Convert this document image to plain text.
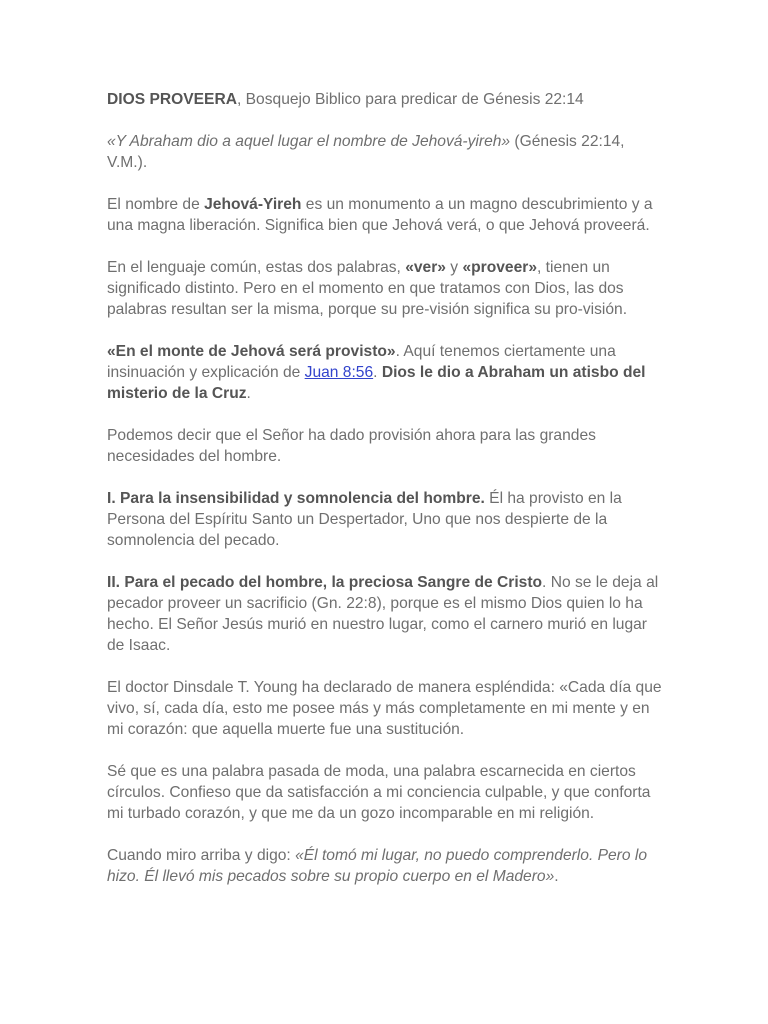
DIOS PROVEERA, Bosquejo Biblico para predicar de Génesis 22:14

«Y Abraham dio a aquel lugar el nombre de Jehová-yireh» (Génesis 22:14, V.M.).

El nombre de Jehová-Yireh es un monumento a un magno descubrimiento y a una magna liberación. Significa bien que Jehová verá, o que Jehová proveerá.

En el lenguaje común, estas dos palabras, «ver» y «proveer», tienen un significado distinto. Pero en el momento en que tratamos con Dios, las dos palabras resultan ser la misma, porque su pre-visión significa su pro-visión.

«En el monte de Jehová será provisto». Aquí tenemos ciertamente una insinuación y explicación de Juan 8:56. Dios le dio a Abraham un atisbo del misterio de la Cruz.

Podemos decir que el Señor ha dado provisión ahora para las grandes necesidades del hombre.

I. Para la insensibilidad y somnolencia del hombre. Él ha provisto en la Persona del Espíritu Santo un Despertador, Uno que nos despierte de la somnolencia del pecado.

II. Para el pecado del hombre, la preciosa Sangre de Cristo. No se le deja al pecador proveer un sacrificio (Gn. 22:8), porque es el mismo Dios quien lo ha hecho. El Señor Jesús murió en nuestro lugar, como el carnero murió en lugar de Isaac.

El doctor Dinsdale T. Young ha declarado de manera espléndida: «Cada día que vivo, sí, cada día, esto me posee más y más completamente en mi mente y en mi corazón: que aquella muerte fue una sustitución.

Sé que es una palabra pasada de moda, una palabra escarnecida en ciertos círculos. Confieso que da satisfacción a mi conciencia culpable, y que conforta mi turbado corazón, y que me da un gozo incomparable en mi religión.

Cuando miro arriba y digo: «Él tomó mi lugar, no puedo comprenderlo. Pero lo hizo. Él llevó mis pecados sobre su propio cuerpo en el Madero».
